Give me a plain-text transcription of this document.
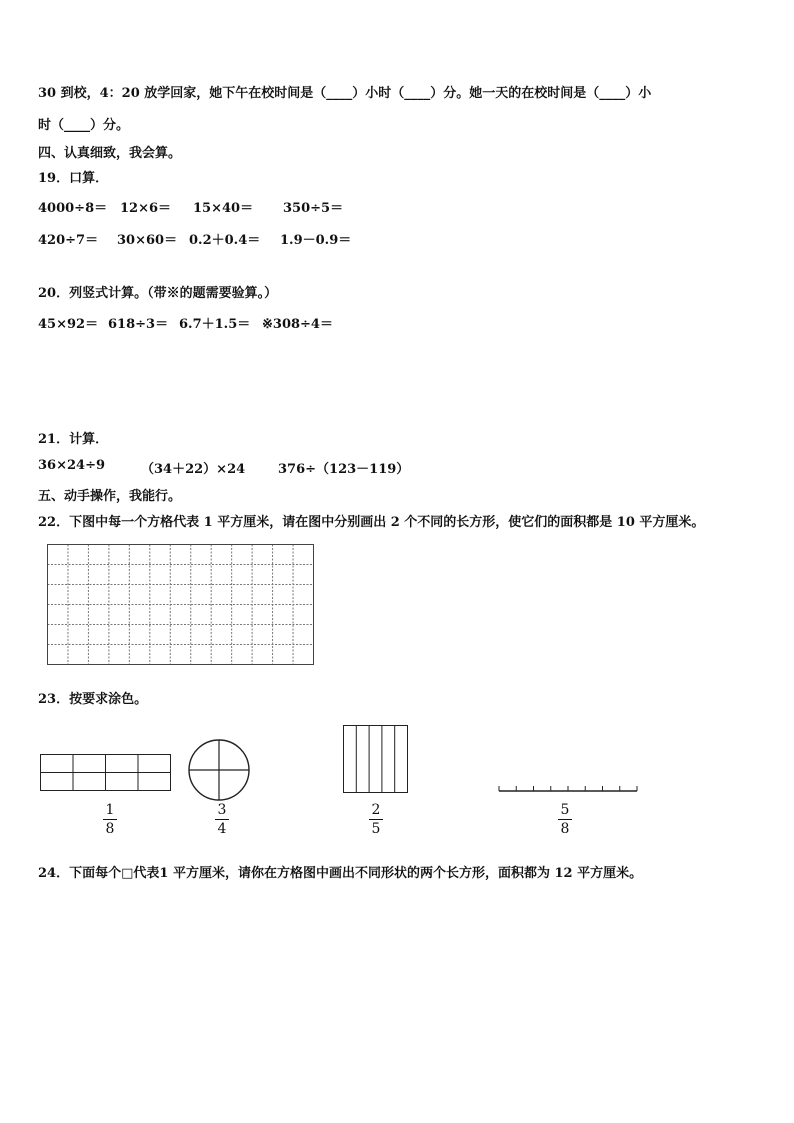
30 到校，4：20 放学回家，她下午在校时间是（____）小时（____）分。她一天的在校时间是（____）小
时（____）分。
四、认真细致，我会算。
19．口算．
4000÷8＝ 12×6＝ 15×40＝ 350÷5＝
420÷7＝ 30×60＝ 0.2＋0.4＝ 1.9－0.9＝
20．列竖式计算。（带※的题需要验算。）
45×92＝ 618÷3＝ 6.7＋1.5＝ ※308÷4＝
21．计算．
36×24÷9	（34＋22）×24	376÷（123－119）
五、动手操作，我能行。
22．下图中每一个方格代表 1 平方厘米，请在图中分别画出 2 个不同的长方形，使它们的面积都是 10 平方厘米。
23．按要求涂色。
1
8
3
4
2
5
5
8
24．下面每个□代表1 平方厘米，请你在方格图中画出不同形状的两个长方形，面积都为 12 平方厘米。
